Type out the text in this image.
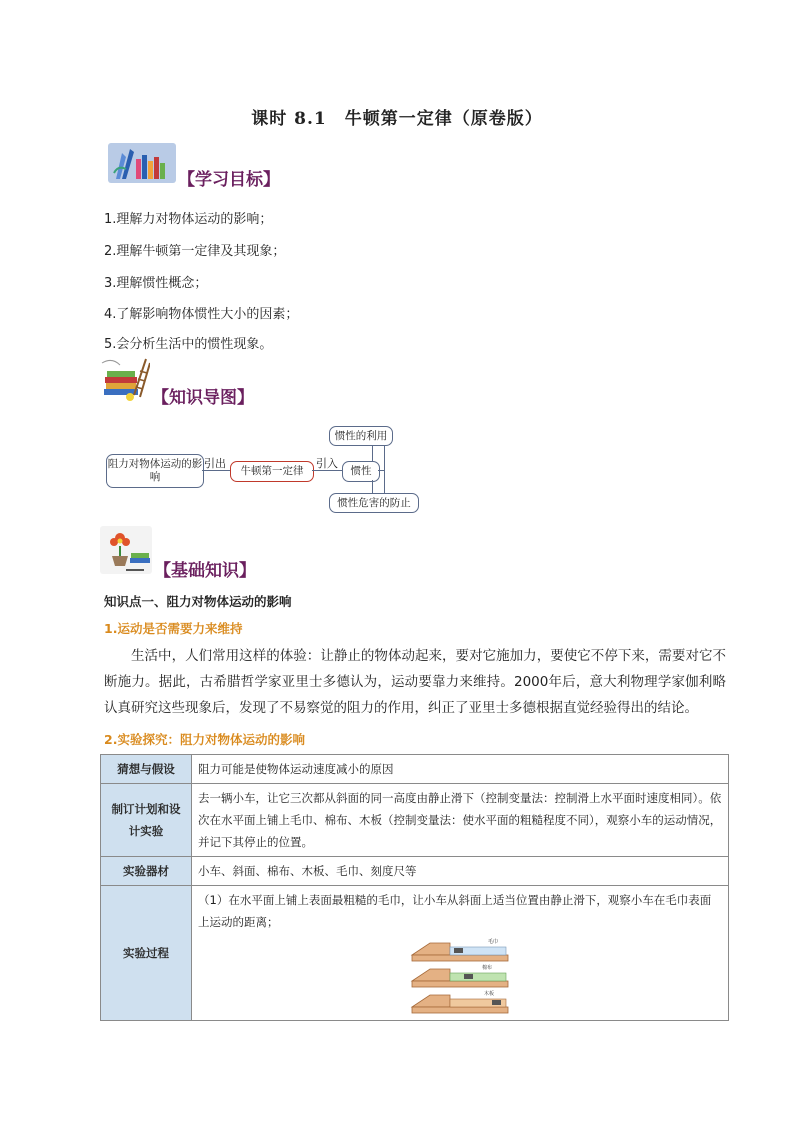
课时 8.1　牛顿第一定律（原卷版）
【学习目标】
1.理解力对物体运动的影响；
2.理解牛顿第一定律及其现象；
3.理解惯性概念；
4.了解影响物体惯性大小的因素；
5.会分析生活中的惯性现象。
【知识导图】
阻力对物体运动的影响
引出
牛顿第一定律
引入
惯性
惯性的利用
惯性危害的防止
【基础知识】
知识点一、阻力对物体运动的影响
1.运动是否需要力来维持
生活中，人们常用这样的体验：让静止的物体动起来，要对它施加力，要使它不停下来，需要对它不断施力。据此，古希腊哲学家亚里士多德认为，运动要靠力来维持。2000年后，意大利物理学家伽利略认真研究这些现象后，发现了不易察觉的阻力的作用，纠正了亚里士多德根据直觉经验得出的结论。
2.实验探究：阻力对物体运动的影响
猜想与假设	阻力可能是使物体运动速度减小的原因
制订计划和设计实验	去一辆小车，让它三次都从斜面的同一高度由静止滑下（控制变量法：控制滑上水平面时速度相同）。依次在水平面上铺上毛巾、棉布、木板（控制变量法：使水平面的粗糙程度不同），观察小车的运动情况，并记下其停止的位置。
实验器材	小车、斜面、棉布、木板、毛巾、刻度尺等
实验过程	（1）在水平面上铺上表面最粗糙的毛巾，让小车从斜面上适当位置由静止滑下，观察小车在毛巾表面上运动的距离；
毛巾
棉布
木板
